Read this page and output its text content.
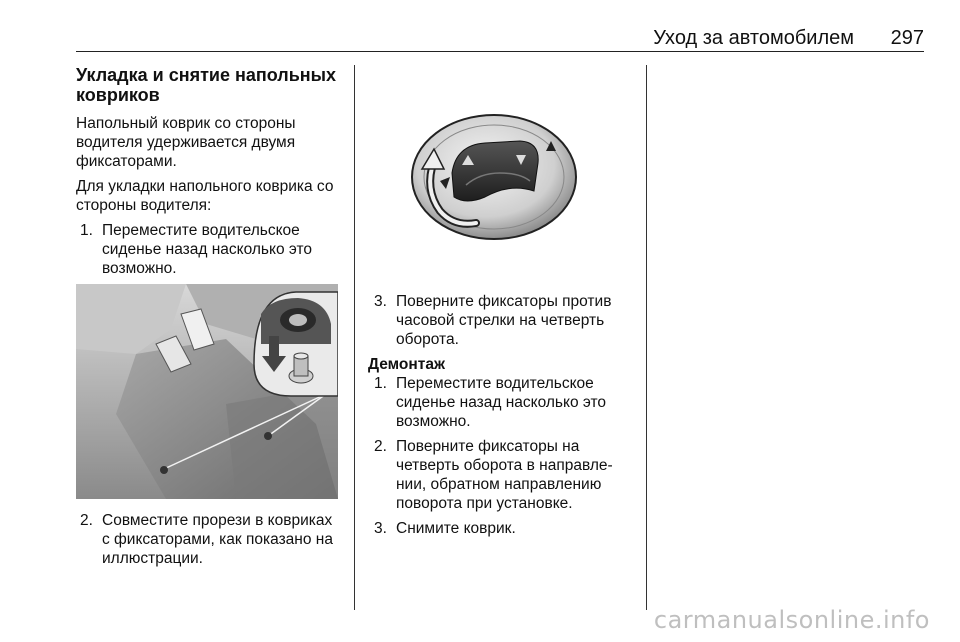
Уход за автомобилем 297
Укладка и снятие напольных ковриков

Напольный коврик со стороны водителя удерживается двумя фиксаторами.

Для укладки напольного коврика со стороны водителя:

1. Переместите водительское сиденье назад насколько это возможно.
2. Совместите прорези в ковриках с фиксаторами, как показано на иллюстрации.
3. Поверните фиксаторы против часовой стрелки на четверть оборота.
Демонтаж
1. Переместите водительское сиденье назад насколько это возможно.
2. Поверните фиксаторы на четверть оборота в направле-нии, обратном направлению поворота при установке.
3. Снимите коврик.
carmanualsonline.info
